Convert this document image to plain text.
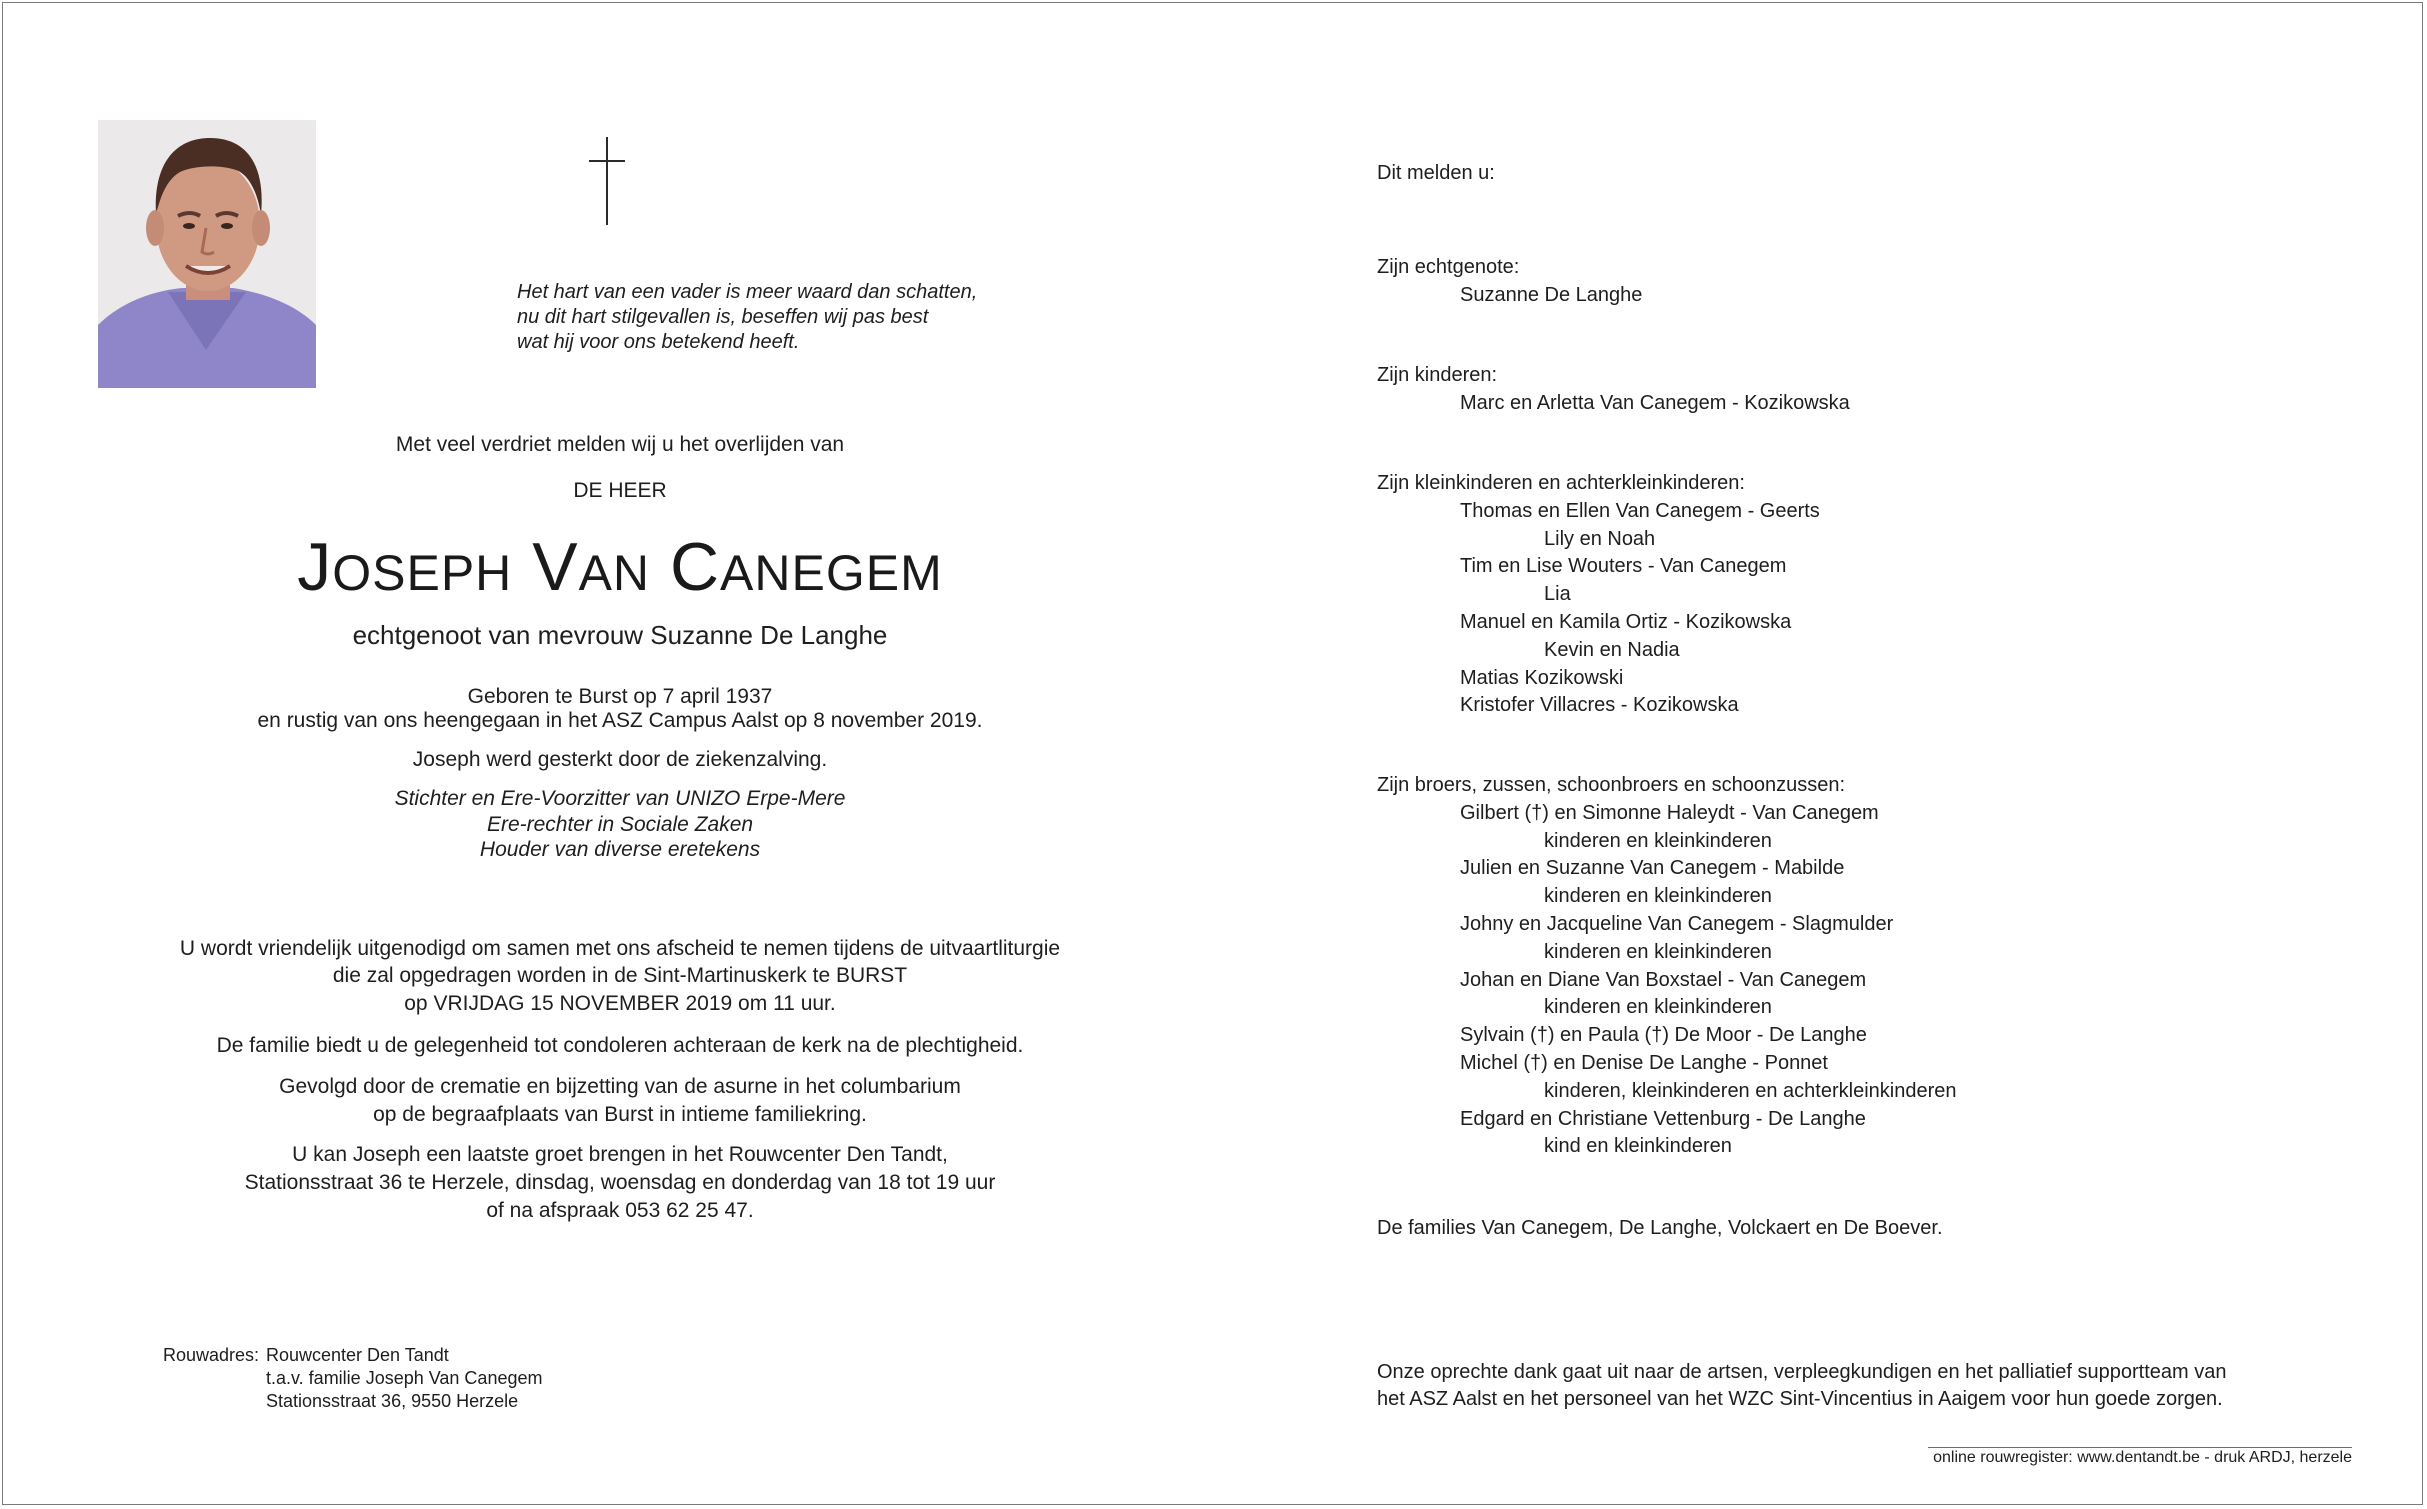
Het hart van een vader is meer waard dan schatten,
nu dit hart stilgevallen is, beseffen wij pas best
wat hij voor ons betekend heeft.
Met veel verdriet melden wij u het overlijden van
DE HEER
JOSEPH VAN CANEGEM
echtgenoot van mevrouw Suzanne De Langhe
Geboren te Burst op 7 april 1937
en rustig van ons heengegaan in het ASZ Campus Aalst op 8 november 2019.
Joseph werd gesterkt door de ziekenzalving.
Stichter en Ere-Voorzitter van UNIZO Erpe-Mere
Ere-rechter in Sociale Zaken
Houder van diverse eretekens
U wordt vriendelijk uitgenodigd om samen met ons afscheid te nemen tijdens de uitvaartliturgie
die zal opgedragen worden in de Sint-Martinuskerk te BURST
op VRIJDAG 15 NOVEMBER 2019 om 11 uur.
De familie biedt u de gelegenheid tot condoleren achteraan de kerk na de plechtigheid.
Gevolgd door de crematie en bijzetting van de asurne in het columbarium
op de begraafplaats van Burst in intieme familiekring.
U kan Joseph een laatste groet brengen in het Rouwcenter Den Tandt,
Stationsstraat 36 te Herzele, dinsdag, woensdag en donderdag van 18 tot 19 uur
of na afspraak 053 62 25 47.
Rouwadres: Rouwcenter Den Tandt
t.a.v. familie Joseph Van Canegem
Stationsstraat 36, 9550 Herzele
Dit melden u:
Zijn echtgenote:
Suzanne De Langhe
Zijn kinderen:
Marc en Arletta Van Canegem - Kozikowska
Zijn kleinkinderen en achterkleinkinderen:
Thomas en Ellen Van Canegem - Geerts
Lily en Noah
Tim en Lise Wouters - Van Canegem
Lia
Manuel en Kamila Ortiz - Kozikowska
Kevin en Nadia
Matias Kozikowski
Kristofer Villacres - Kozikowska
Zijn broers, zussen, schoonbroers en schoonzussen:
Gilbert (†) en Simonne Haleydt - Van Canegem
kinderen en kleinkinderen
Julien en Suzanne Van Canegem - Mabilde
kinderen en kleinkinderen
Johny en Jacqueline Van Canegem - Slagmulder
kinderen en kleinkinderen
Johan en Diane Van Boxstael - Van Canegem
kinderen en kleinkinderen
Sylvain (†) en Paula (†) De Moor - De Langhe
Michel (†) en Denise De Langhe - Ponnet
kinderen, kleinkinderen en achterkleinkinderen
Edgard en Christiane Vettenburg - De Langhe
kind en kleinkinderen
De families Van Canegem, De Langhe, Volckaert en De Boever.
Onze oprechte dank gaat uit naar de artsen, verpleegkundigen en het palliatief supportteam van
het ASZ Aalst en het personeel van het WZC Sint-Vincentius in Aaigem voor hun goede zorgen.
online rouwregister: www.dentandt.be - druk ARDJ, herzele
